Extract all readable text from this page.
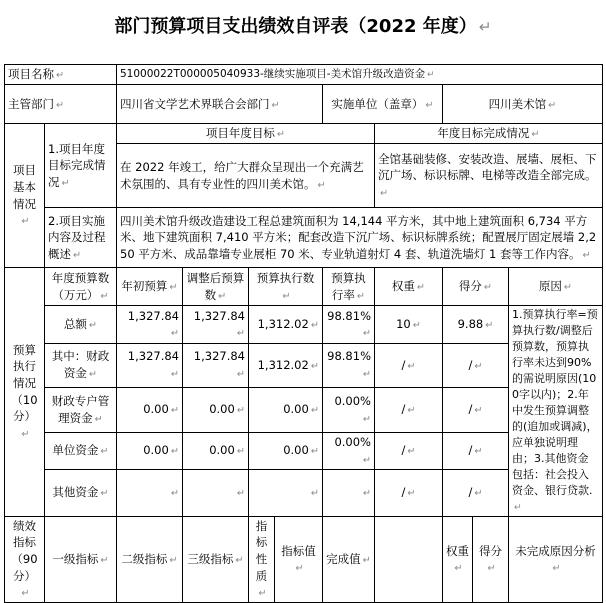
部门预算项目支出绩效自评表（2022 年度） ↵
项目名称 ↵		51000022T000005040933-继续实施项目-美术馆升级改造资金 ↵								
主管部门 ↵		四川省文学艺术界联合会部门 ↵				实施单位（盖章） ↵		四川美术馆 ↵		
项目基本情况↵	1.项目年度目标完成情况 ↵	项目年度目标 ↵					年度目标完成情况 ↵			
		在 2022 年竣工，给广大群众呈现出一个充满艺术氛围的、具有专业性的四川美术馆。 ↵					全馆基础装修、安装改造、展墙、展柜、下沉广场、标识标牌、电梯等改造全部完成。↵			
	2.项目实施内容及过程概述 ↵	四川美术馆升级改造建设工程总建筑面积为 14,144 平方米，其中地上建筑面积 6,734 平方米、地下建筑面积 7,410 平方米；配套改造下沉广场、标识标牌系统；配置展厅固定展墙 2,250 平方米、成品靠墙专业展柜 70 米、专业轨道射灯 4 套、轨道洗墙灯 1 套等工作内容。 ↵								
预算执行情况（10分）↵	年度预算数（万元） ↵	年初预算 ↵	调整后预算数 ↵	预算执行数↵		预算执行率 ↵	权重 ↵	得分 ↵		原因 ↵
	总额 ↵	1,327.84↵	1,327.84↵	1,312.02 ↵		98.81%↵	10 ↵	9.88 ↵		1.预算执行率=预算执行数/调整后预算数，预算执行率未达到90%的需说明原因(100字以内)；2.年中发生预算调整的(追加或调减)，应单独说明理由；3.其他资金包括：社会投入资金、银行贷款.↵
	其中：财政资金 ↵	1,327.84↵	1,327.84↵	1,312.02 ↵		98.81%↵	/ ↵	/ ↵		
	财政专户管理资金 ↵	0.00 ↵	0.00 ↵	0.00 ↵		0.00%↵	/ ↵	/ ↵		
	单位资金 ↵	0.00 ↵	0.00 ↵	0.00 ↵		0.00%↵	/ ↵	/ ↵		
	其他资金 ↵	↵	↵	↵		↵	/ ↵	/ ↵		
绩效指标（90分）↵	一级指标 ↵	二级指标 ↵	三级指标 ↵	指标性质↵	指标值↵	完成值 ↵		权重↵	得分↵	未完成原因分析↵
